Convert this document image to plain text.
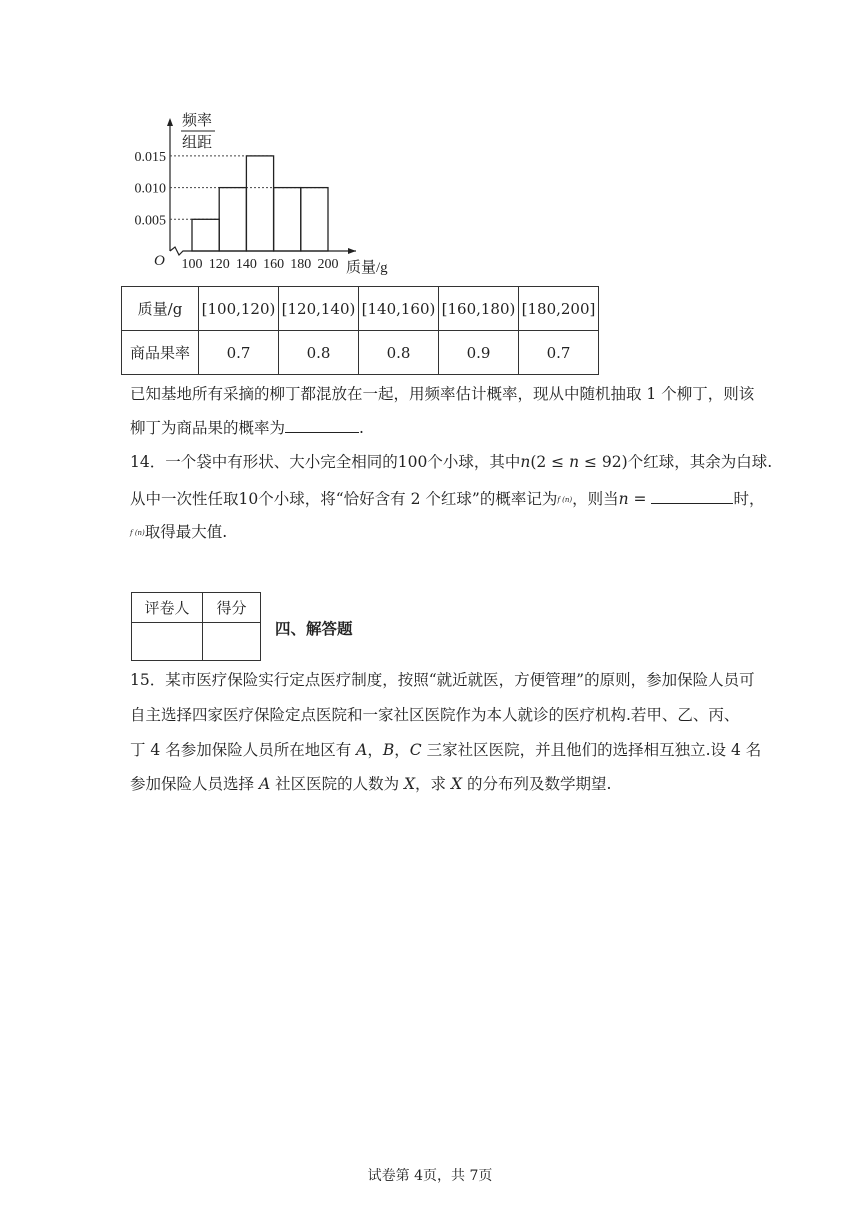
0.005
0.010
0.015
100 120 140 160 180 200
O	质量/g
频率
组距
质量/g	[100,120)	[120,140)	[140,160)	[160,180)	[180,200]
商品果率	0.7	0.8	0.8	0.9	0.7
已知基地所有采摘的柳丁都混放在一起，用频率估计概率，现从中随机抽取 1 个柳丁，则该
柳丁为商品果的概率为	.
14．一个袋中有形状、大小完全相同的100个小球，其中n(2 ≤ n ≤ 92)个红球，其余为白球.
从中一次性任取10个小球，将“恰好含有 2 个红球”的概率记为f (n)，则当n =	时，
f (n)取得最大值.
评卷人	得分

四、解答题
15．某市医疗保险实行定点医疗制度，按照“就近就医，方便管理”的原则，参加保险人员可
自主选择四家医疗保险定点医院和一家社区医院作为本人就诊的医疗机构.若甲、乙、丙、
丁 4 名参加保险人员所在地区有 A，B，C 三家社区医院，并且他们的选择相互独立.设 4 名
参加保险人员选择 A 社区医院的人数为 X，求 X 的分布列及数学期望.
试卷第 4页，共 7页
